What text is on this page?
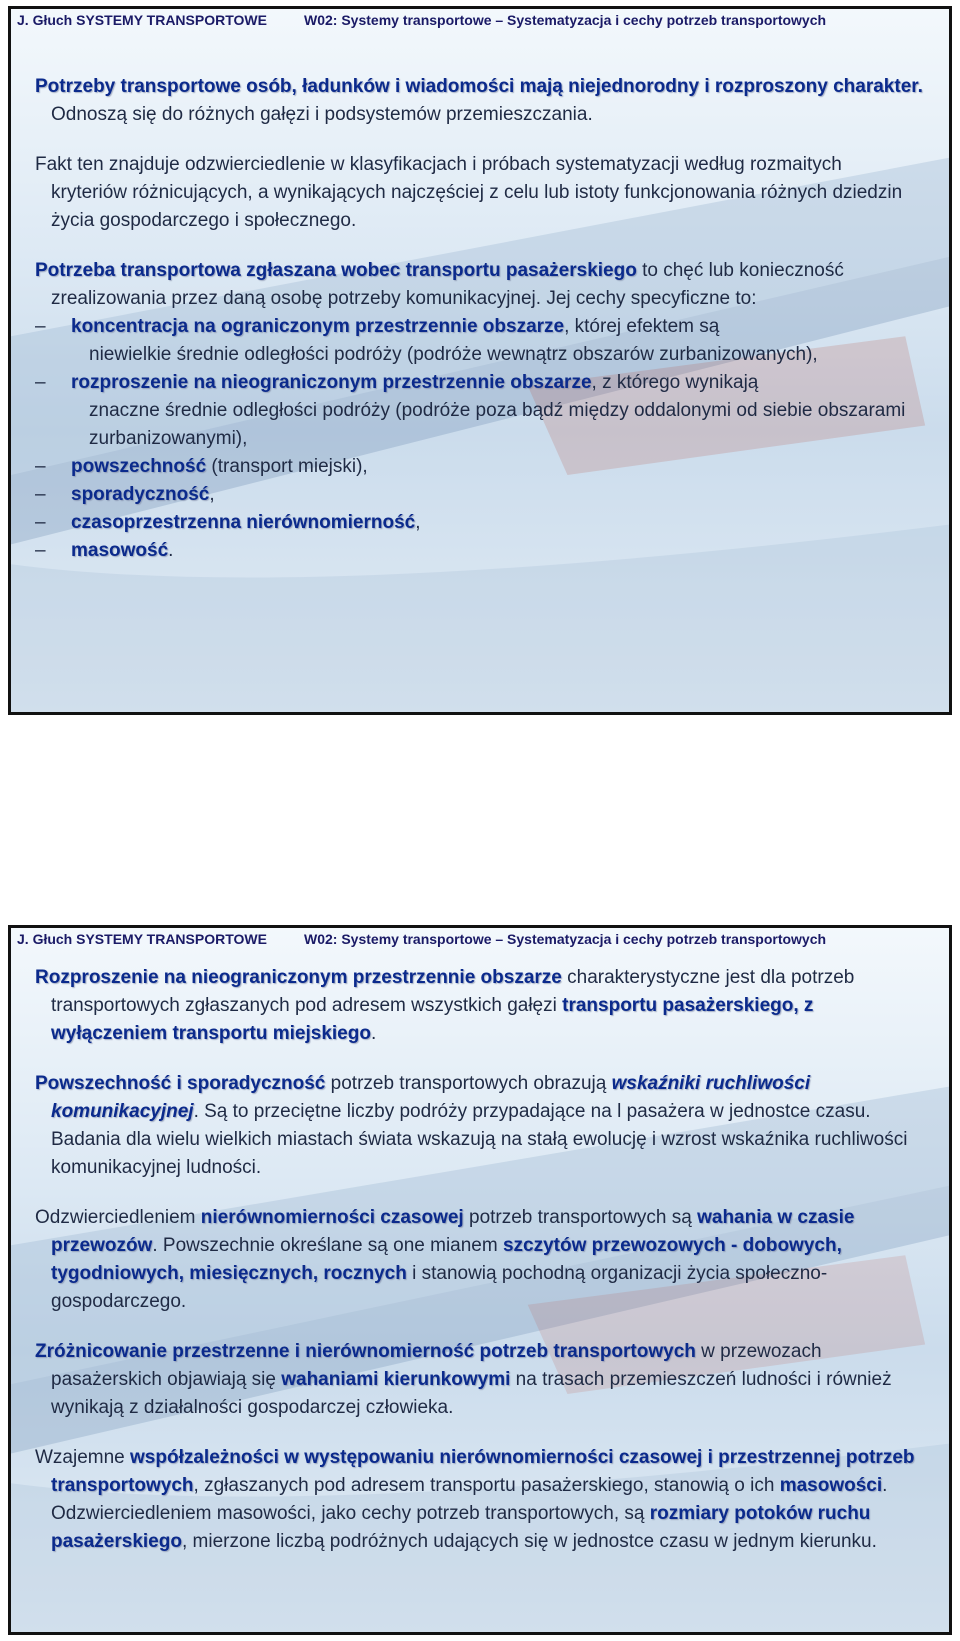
J. Głuch SYSTEMY TRANSPORTOWE	W02: Systemy transportowe – Systematyzacja i cechy potrzeb transportowych

Potrzeby transportowe osób, ładunków i wiadomości mają niejednorodny i rozproszony charakter. Odnoszą się do różnych gałęzi i podsystemów przemieszczania.

Fakt ten znajduje odzwierciedlenie w klasyfikacjach i próbach systematyzacji według rozmaitych kryteriów różnicujących, a wynikających najczęściej z celu lub istoty funkcjonowania różnych dziedzin życia gospodarczego i społecznego.

Potrzeba transportowa zgłaszana wobec transportu pasażerskiego to chęć lub konieczność zrealizowania przez daną osobę potrzeby komunikacyjnej. Jej cechy specyficzne to:

– koncentracja na ograniczonym przestrzennie obszarze, której efektem są
niewielkie średnie odległości podróży (podróże wewnątrz obszarów zurbanizowanych),
– rozproszenie na nieograniczonym przestrzennie obszarze, z którego wynikają
znaczne średnie odległości podróży (podróże poza bądź między oddalonymi od siebie obszarami zurbanizowanymi),
– powszechność (transport miejski),
– sporadyczność,
– czasoprzestrzenna nierównomierność,
– masowość.
J. Głuch SYSTEMY TRANSPORTOWE	W02: Systemy transportowe – Systematyzacja i cechy potrzeb transportowych

Rozproszenie na nieograniczonym przestrzennie obszarze charakterystyczne jest dla potrzeb transportowych zgłaszanych pod adresem wszystkich gałęzi transportu pasażerskiego, z wyłączeniem transportu miejskiego.

Powszechność i sporadyczność potrzeb transportowych obrazują wskaźniki ruchliwości komunikacyjnej. Są to przeciętne liczby podróży przypadające na l pasażera w jednostce czasu. Badania dla wielu wielkich miastach świata wskazują na stałą ewolucję i wzrost wskaźnika ruchliwości komunikacyjnej ludności.

Odzwierciedleniem nierównomierności czasowej potrzeb transportowych są wahania w czasie przewozów. Powszechnie określane są one mianem szczytów przewozowych - dobowych, tygodniowych, miesięcznych, rocznych i stanowią pochodną organizacji życia społeczno-gospodarczego.

Zróżnicowanie przestrzenne i nierównomierność potrzeb transportowych w przewozach pasażerskich objawiają się wahaniami kierunkowymi na trasach przemieszczeń ludności i również wynikają z działalności gospodarczej człowieka.

Wzajemne współzależności w występowaniu nierównomierności czasowej i przestrzennej potrzeb transportowych, zgłaszanych pod adresem transportu pasażerskiego, stanowią o ich masowości. Odzwierciedleniem masowości, jako cechy potrzeb transportowych, są rozmiary potoków ruchu pasażerskiego, mierzone liczbą podróżnych udających się w jednostce czasu w jednym kierunku.
